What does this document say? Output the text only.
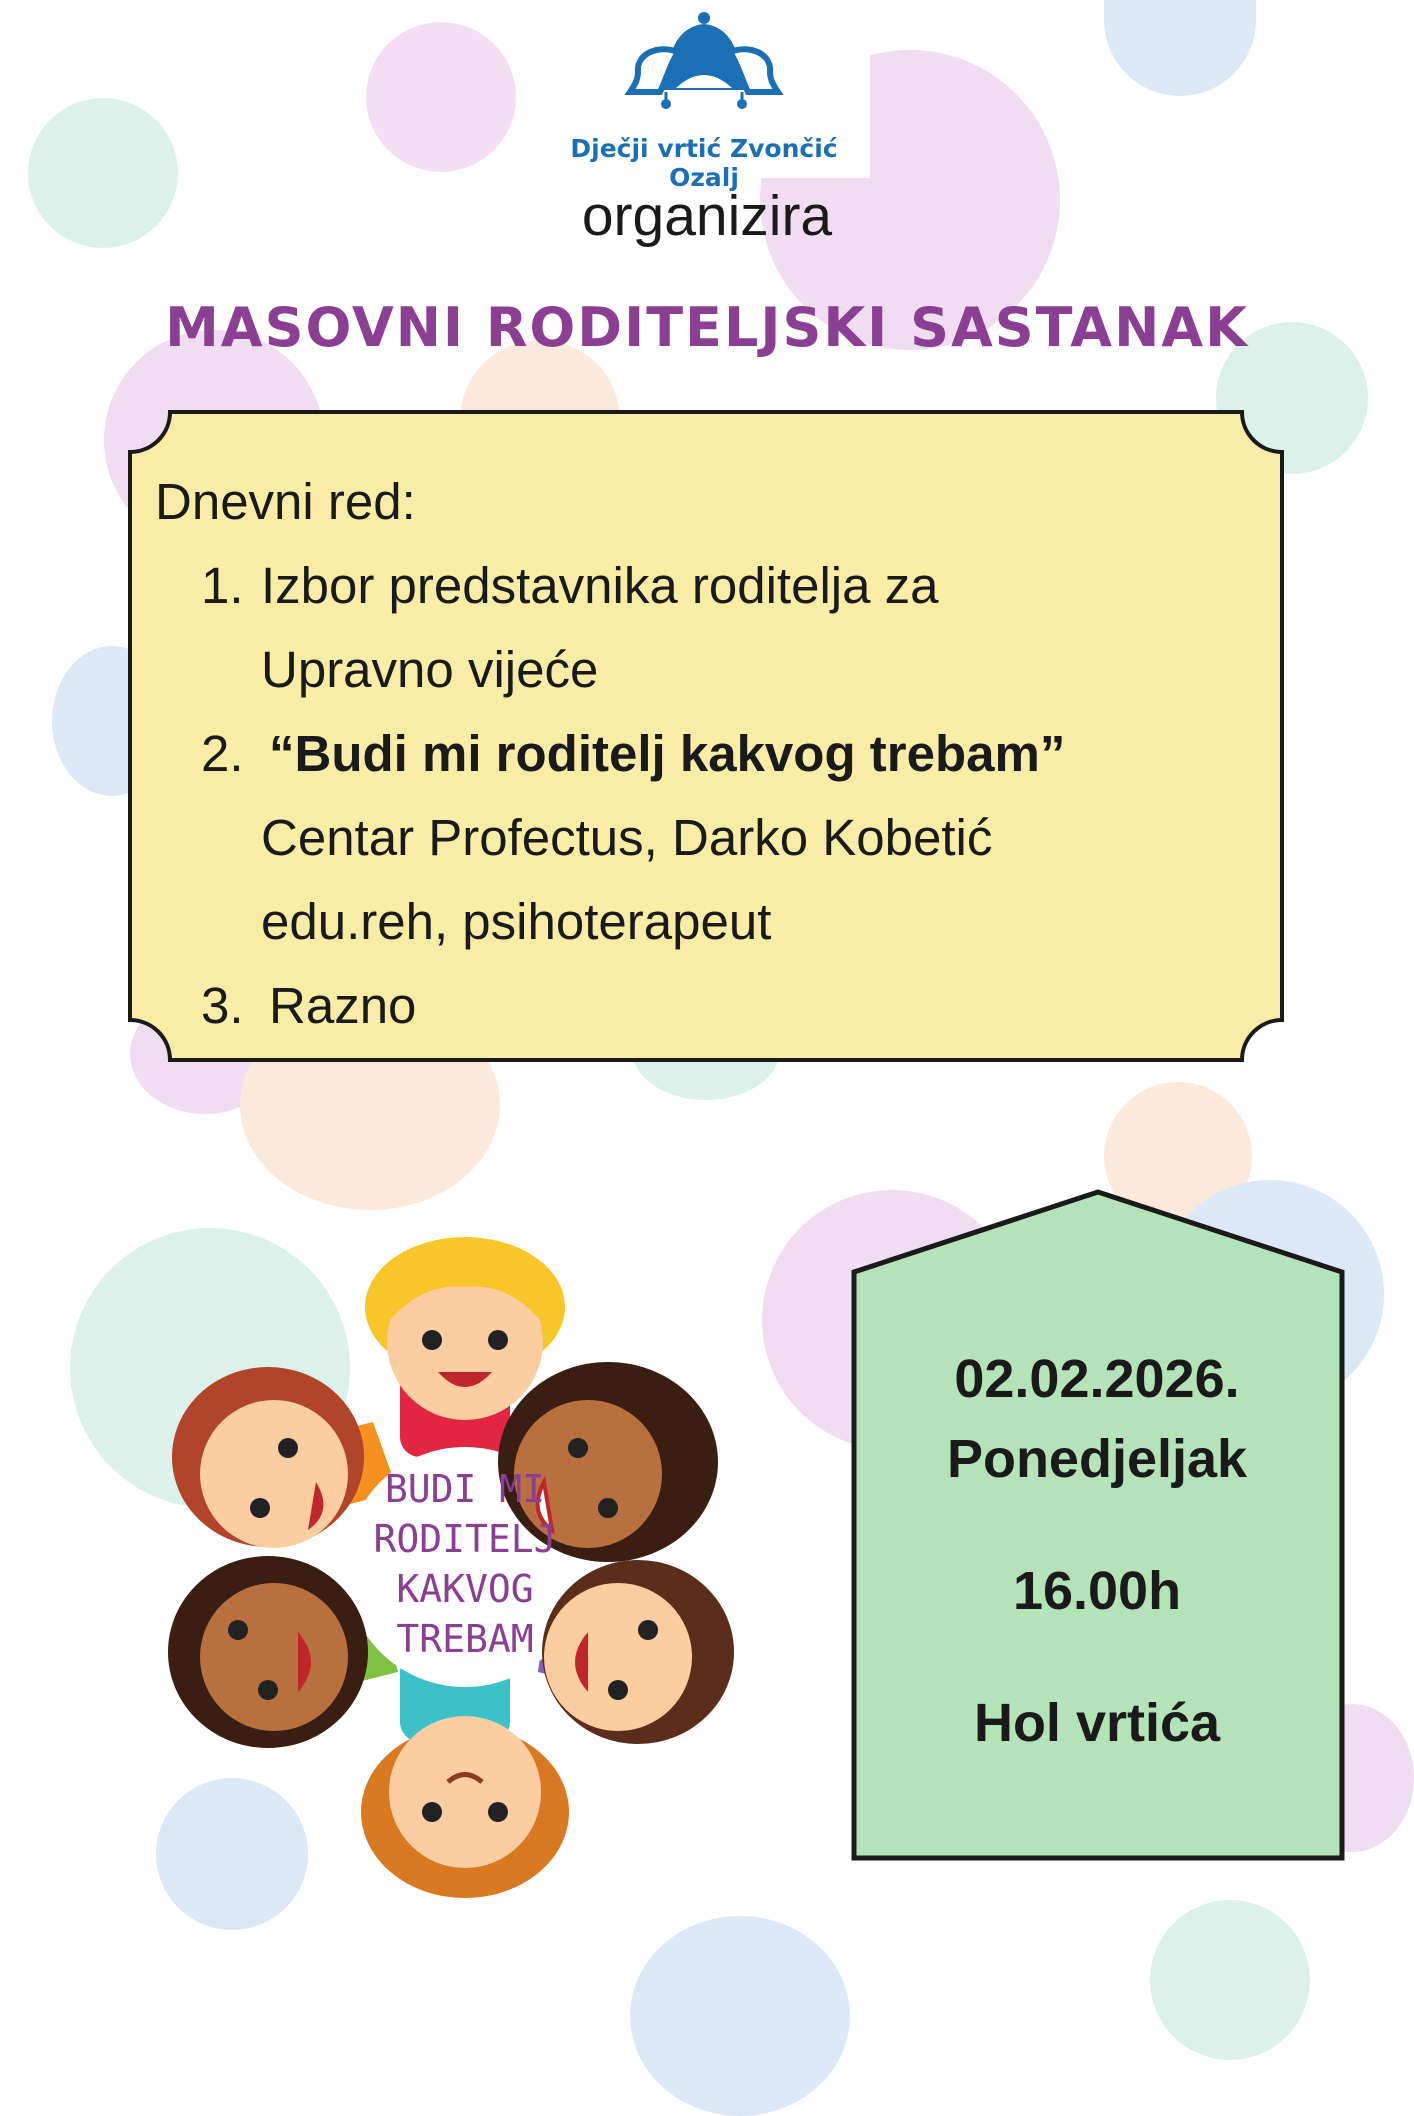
Dječji vrtić Zvončić Ozalj
organizira
MASOVNI RODITELJSKI SASTANAK
Dnevni red:
1. Izbor predstavnika roditelja za
Upravno vijeće
2. “Budi mi roditelj kakvog trebam”
Centar Profectus, Darko Kobetić
edu.reh, psihoterapeut
3. Razno
BUDI MI
RODITELJ
KAKVOG
TREBAM
02.02.2026.
Ponedjeljak
16.00h
Hol vrtića
